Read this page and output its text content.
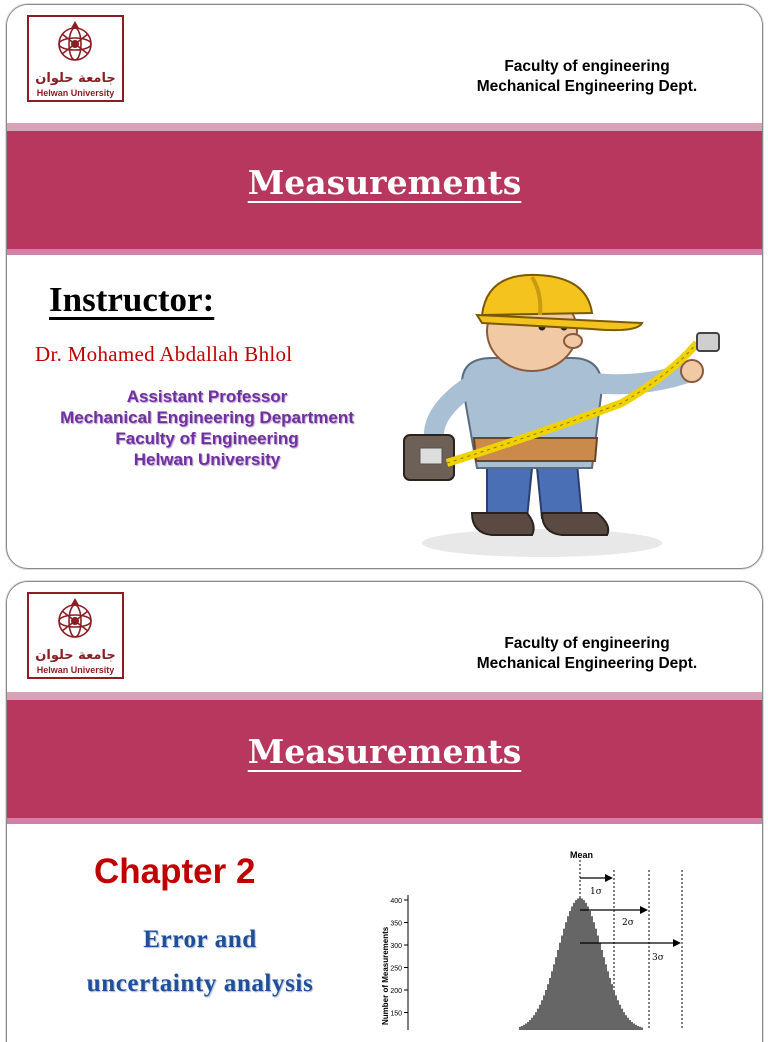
جامعة حلوان
Helwan University
Faculty of engineering
Mechanical Engineering Dept.
Measurements
Instructor:
Dr. Mohamed Abdallah Bhlol
Assistant Professor
Mechanical Engineering Department
Faculty of Engineering
Helwan University
جامعة حلوان
Helwan University
Faculty of engineering
Mechanical Engineering Dept.
Measurements
Chapter 2
Error and
uncertainty analysis
Mean
Number of Measurements
400
350
300
250
200
150
1σ
2σ
3σ
